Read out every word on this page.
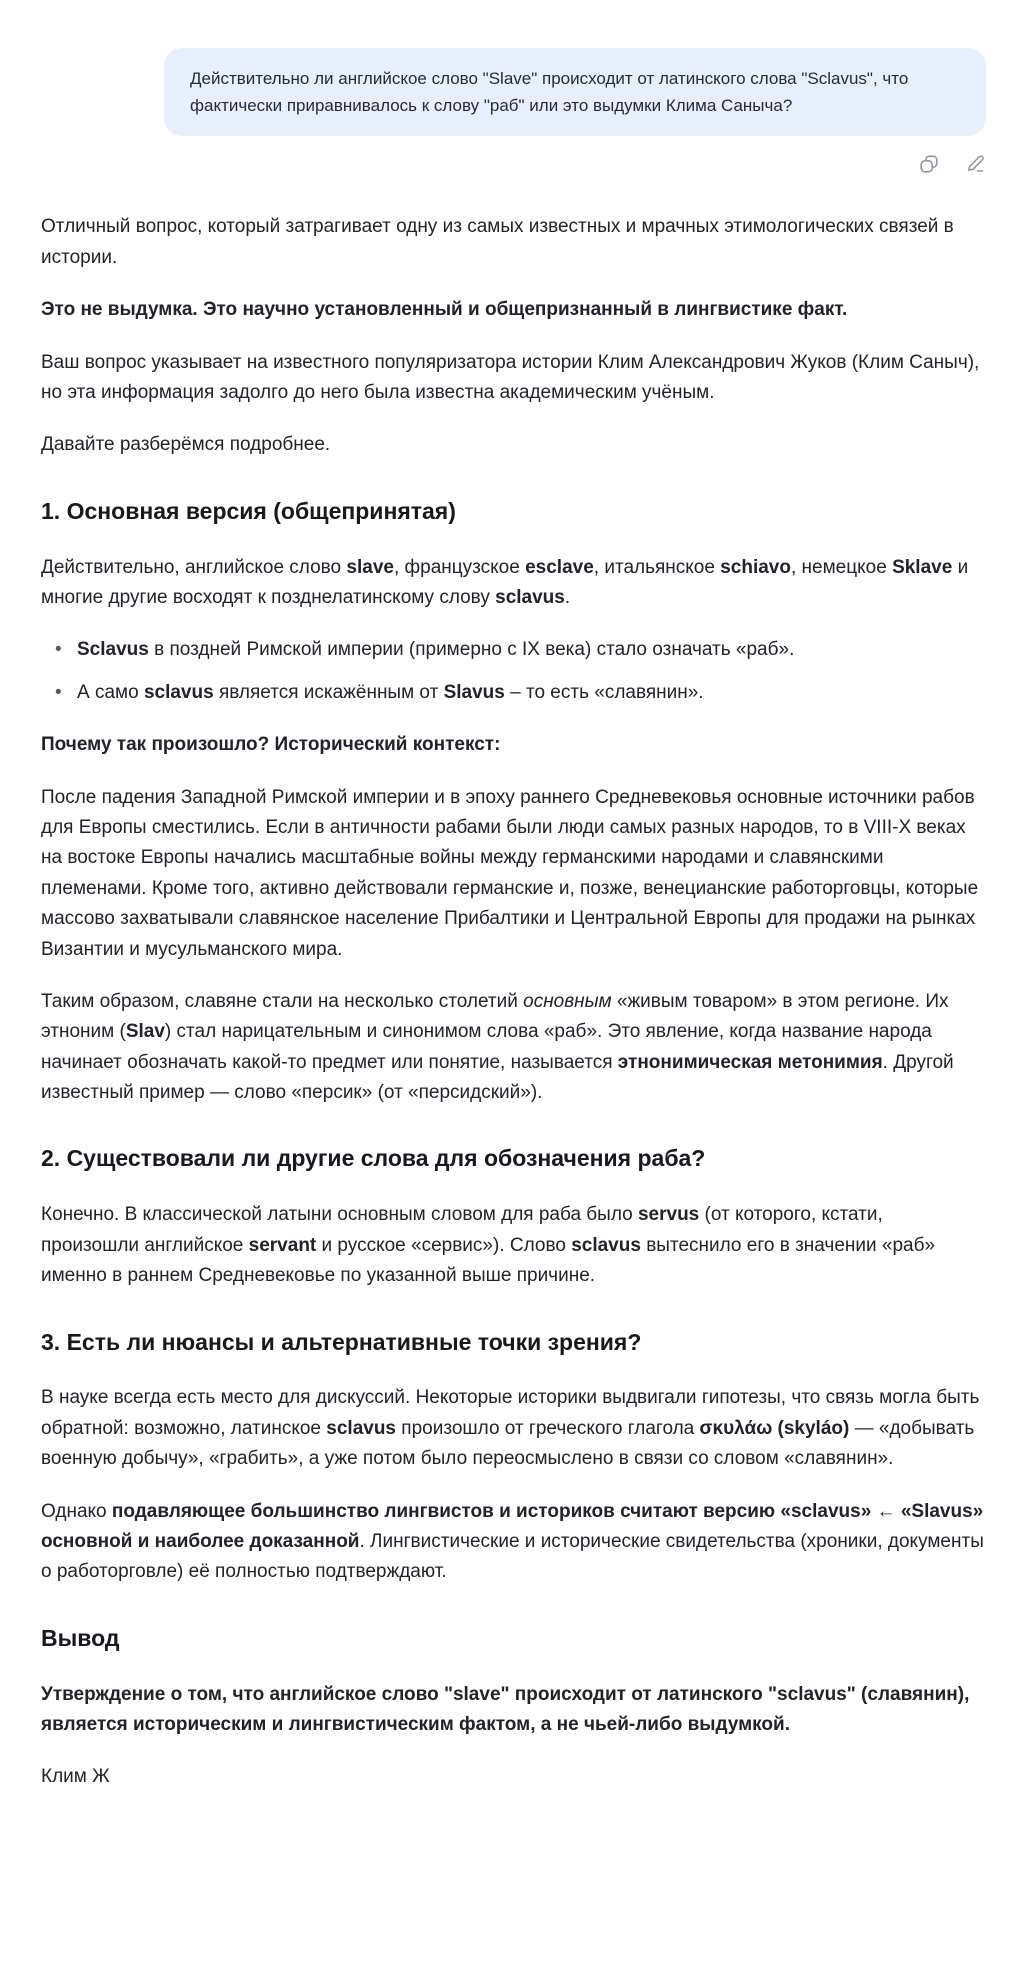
Действительно ли английское слово "Slave" происходит от латинского слова "Sclavus", что фактически приравнивалось к слову "раб" или это выдумки Клима Саныча?

Отличный вопрос, который затрагивает одну из самых известных и мрачных этимологических связей в истории.

Это не выдумка. Это научно установленный и общепризнанный в лингвистике факт.

Ваш вопрос указывает на известного популяризатора истории Клим Александрович Жуков (Клим Саныч), но эта информация задолго до него была известна академическим учёным.

Давайте разберёмся подробнее.

1. Основная версия (общепринятая)

Действительно, английское слово slave, французское esclave, итальянское schiavo, немецкое Sklave и многие другие восходят к позднелатинскому слову sclavus.

• Sclavus в поздней Римской империи (примерно с IX века) стало означать «раб».
• А само sclavus является искажённым от Slavus – то есть «славянин».

Почему так произошло? Исторический контекст:

После падения Западной Римской империи и в эпоху раннего Средневековья основные источники рабов для Европы сместились. Если в античности рабами были люди самых разных народов, то в VIII-X веках на востоке Европы начались масштабные войны между германскими народами и славянскими племенами. Кроме того, активно действовали германские и, позже, венецианские работорговцы, которые массово захватывали славянское население Прибалтики и Центральной Европы для продажи на рынках Византии и мусульманского мира.

Таким образом, славяне стали на несколько столетий основным «живым товаром» в этом регионе. Их этноним (Slav) стал нарицательным и синонимом слова «раб». Это явление, когда название народа начинает обозначать какой-то предмет или понятие, называется этнонимическая метонимия. Другой известный пример — слово «персик» (от «персидский»).

2. Существовали ли другие слова для обозначения раба?

Конечно. В классической латыни основным словом для раба было servus (от которого, кстати, произошли английское servant и русское «сервис»). Слово sclavus вытеснило его в значении «раб» именно в раннем Средневековье по указанной выше причине.

3. Есть ли нюансы и альтернативные точки зрения?

В науке всегда есть место для дискуссий. Некоторые историки выдвигали гипотезы, что связь могла быть обратной: возможно, латинское sclavus произошло от греческого глагола σκυλάω (skyláo) — «добывать военную добычу», «грабить», а уже потом было переосмыслено в связи со словом «славянин».

Однако подавляющее большинство лингвистов и историков считают версию «sclavus» ← «Slavus» основной и наиболее доказанной. Лингвистические и исторические свидетельства (хроники, документы о работорговле) её полностью подтверждают.

Вывод

Утверждение о том, что английское слово "slave" происходит от латинского "sclavus" (славянин), является историческим и лингвистическим фактом, а не чьей-либо выдумкой.

Клим Ж
